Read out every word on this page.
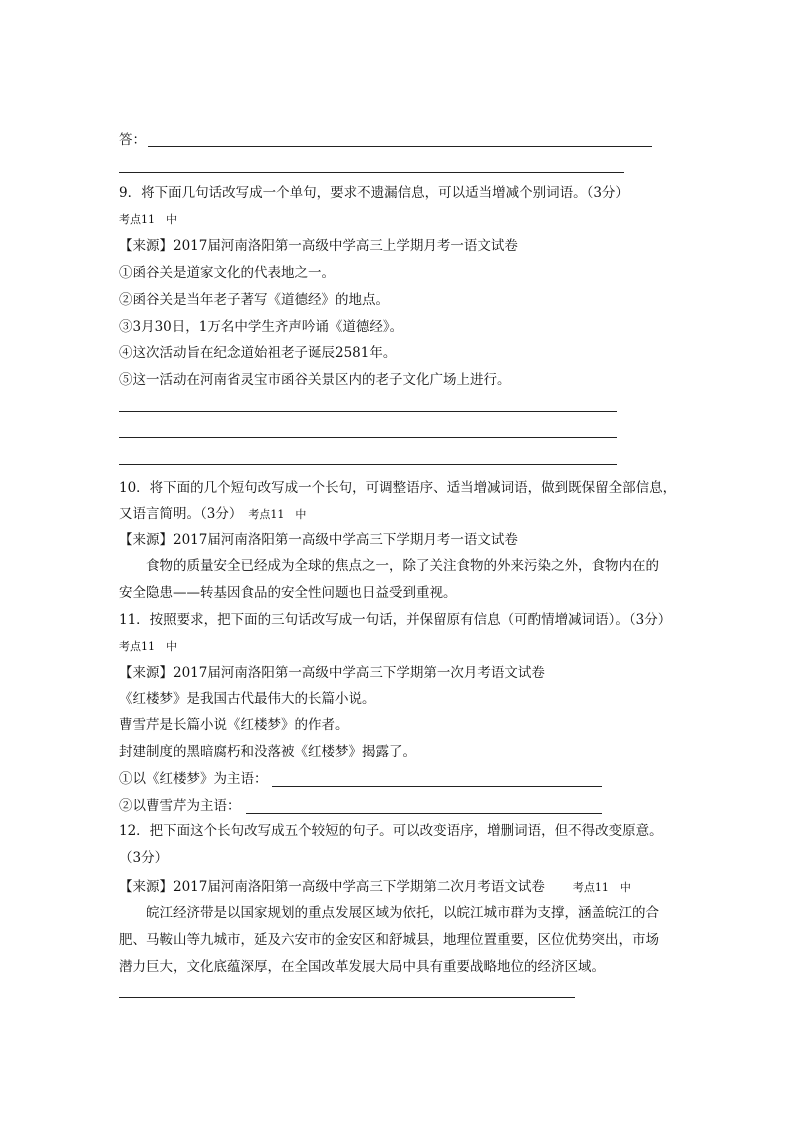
答：
9．将下面几句话改写成一个单句，要求不遗漏信息，可以适当增减个别词语。（3分）
考点11　中
【来源】2017届河南洛阳第一高级中学高三上学期月考一语文试卷
①函谷关是道家文化的代表地之一。
②函谷关是当年老子著写《道德经》的地点。
③3月30日，1万名中学生齐声吟诵《道德经》。
④这次活动旨在纪念道始祖老子诞辰2581年。
⑤这一活动在河南省灵宝市函谷关景区内的老子文化广场上进行。
10．将下面的几个短句改写成一个长句，可调整语序、适当增减词语，做到既保留全部信息，
又语言简明。（3分） 考点11　中
【来源】2017届河南洛阳第一高级中学高三下学期月考一语文试卷
食物的质量安全已经成为全球的焦点之一，除了关注食物的外来污染之外，食物内在的
安全隐患——转基因食品的安全性问题也日益受到重视。
11．按照要求，把下面的三句话改写成一句话，并保留原有信息（可酌情增减词语）。（3分）
考点11　中
【来源】2017届河南洛阳第一高级中学高三下学期第一次月考语文试卷
《红楼梦》是我国古代最伟大的长篇小说。
曹雪芹是长篇小说《红楼梦》的作者。
封建制度的黑暗腐朽和没落被《红楼梦》揭露了。
①以《红楼梦》为主语：
②以曹雪芹为主语：
12．把下面这个长句改写成五个较短的句子。可以改变语序，增删词语，但不得改变原意。
（3分）
【来源】2017届河南洛阳第一高级中学高三下学期第二次月考语文试卷	考点11　中
皖江经济带是以国家规划的重点发展区域为依托，以皖江城市群为支撑，涵盖皖江的合
肥、马鞍山等九城市，延及六安市的金安区和舒城县，地理位置重要，区位优势突出，市场
潜力巨大，文化底蕴深厚，在全国改革发展大局中具有重要战略地位的经济区域。
